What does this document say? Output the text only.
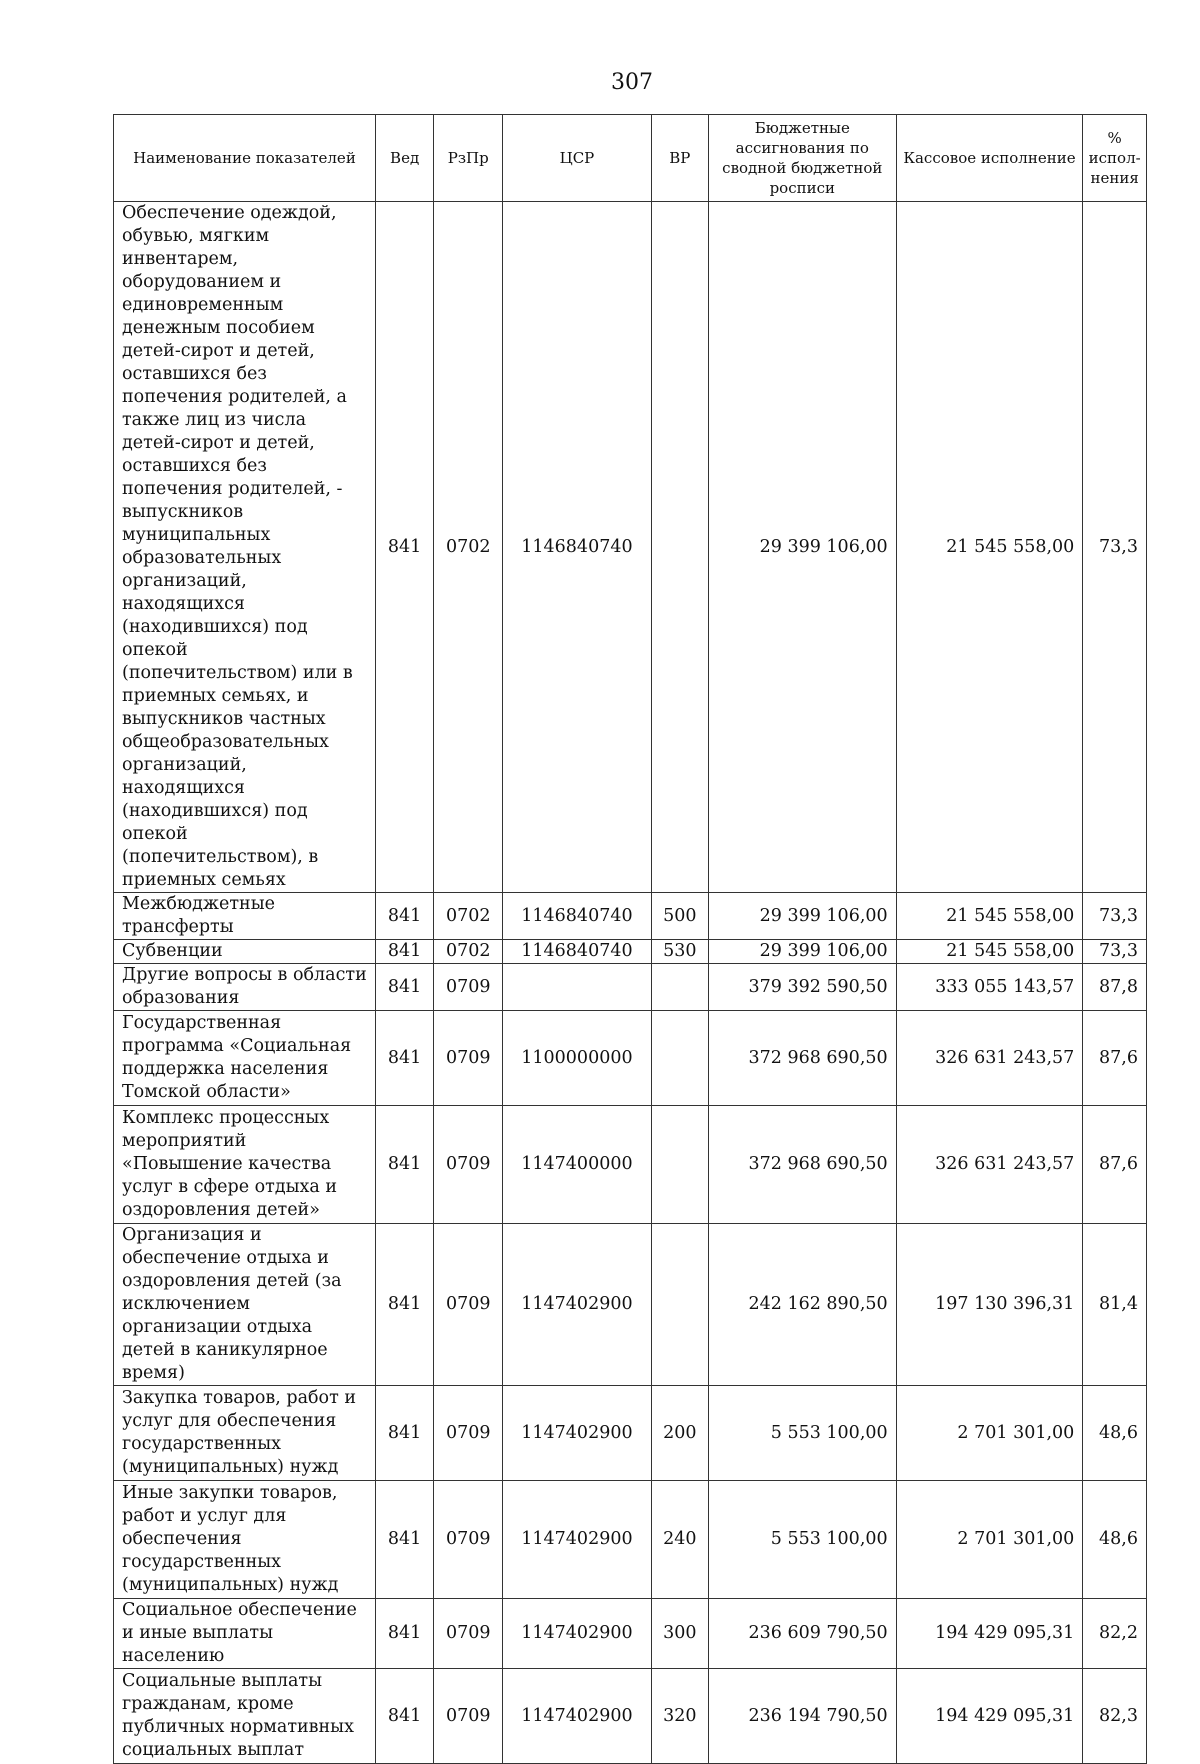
307
Наименование показателей	Вед	РзПр	ЦСР	ВР	Бюджетные ассигнования по сводной бюджетной росписи	Кассовое исполнение	% испол-нения
Обеспечение одеждой, обувью, мягким инвентарем, оборудованием и единовременным денежным пособием детей-сирот и детей, оставшихся без попечения родителей, а также лиц из числа детей-сирот и детей, оставшихся без попечения родителей, - выпускников муниципальных образовательных организаций, находящихся (находившихся) под опекой (попечительством) или в приемных семьях, и выпускников частных общеобразовательных организаций, находящихся (находившихся) под опекой (попечительством), в приемных семьях	841	0702	1146840740		29 399 106,00	21 545 558,00	73,3
Межбюджетные трансферты	841	0702	1146840740	500	29 399 106,00	21 545 558,00	73,3
Субвенции	841	0702	1146840740	530	29 399 106,00	21 545 558,00	73,3
Другие вопросы в области образования	841	0709			379 392 590,50	333 055 143,57	87,8
Государственная программа «Социальная поддержка населения Томской области»	841	0709	1100000000		372 968 690,50	326 631 243,57	87,6
Комплекс процессных мероприятий «Повышение качества услуг в сфере отдыха и оздоровления детей»	841	0709	1147400000		372 968 690,50	326 631 243,57	87,6
Организация и обеспечение отдыха и оздоровления детей (за исключением организации отдыха детей в каникулярное время)	841	0709	1147402900		242 162 890,50	197 130 396,31	81,4
Закупка товаров, работ и услуг для обеспечения государственных (муниципальных) нужд	841	0709	1147402900	200	5 553 100,00	2 701 301,00	48,6
Иные закупки товаров, работ и услуг для обеспечения государственных (муниципальных) нужд	841	0709	1147402900	240	5 553 100,00	2 701 301,00	48,6
Социальное обеспечение и иные выплаты населению	841	0709	1147402900	300	236 609 790,50	194 429 095,31	82,2
Социальные выплаты гражданам, кроме публичных нормативных социальных выплат	841	0709	1147402900	320	236 194 790,50	194 429 095,31	82,3
